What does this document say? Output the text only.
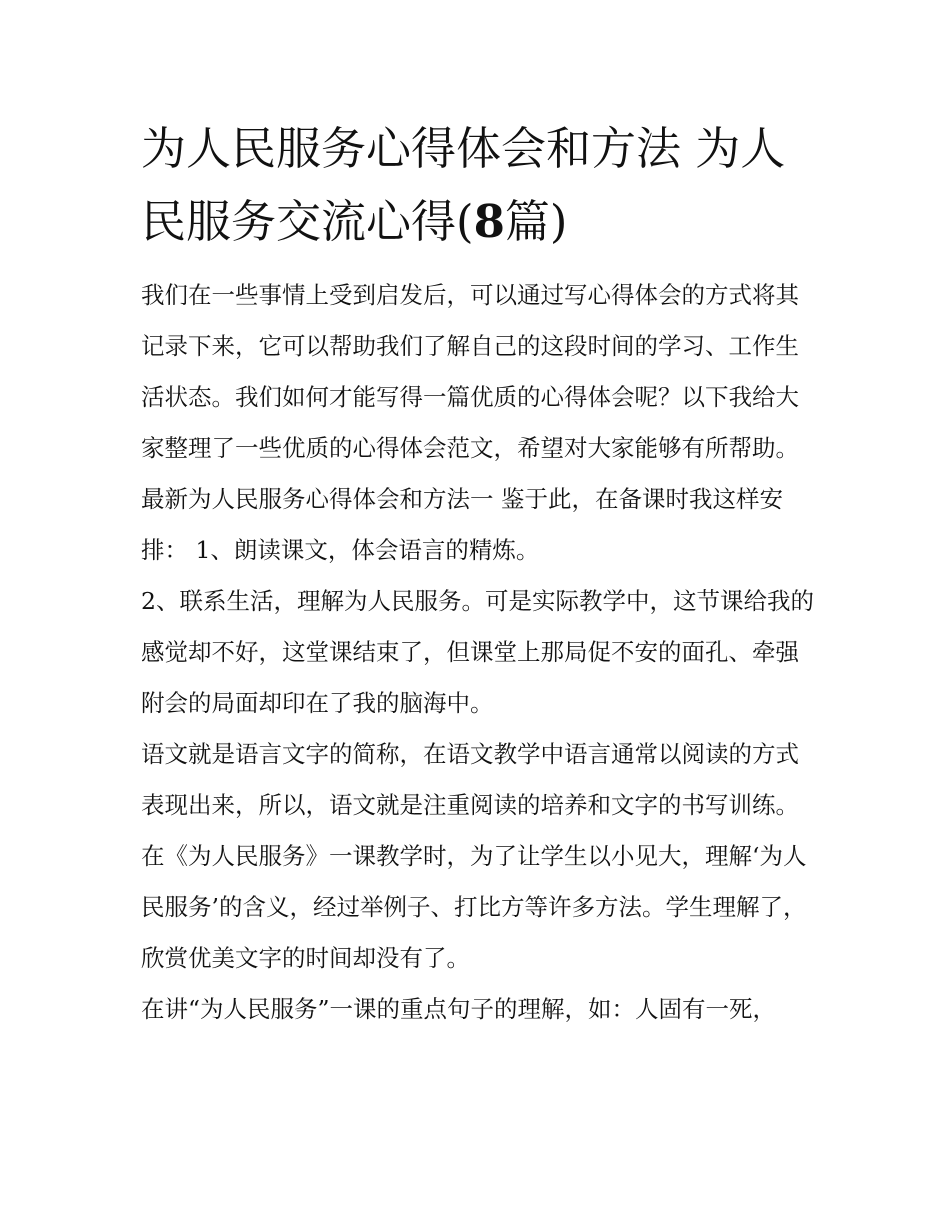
为人民服务心得体会和方法 为人民服务交流心得(8篇)

我们在一些事情上受到启发后，可以通过写心得体会的方式将其记录下来，它可以帮助我们了解自己的这段时间的学习、工作生活状态。我们如何才能写得一篇优质的心得体会呢？以下我给大家整理了一些优质的心得体会范文，希望对大家能够有所帮助。

最新为人民服务心得体会和方法一 鉴于此，在备课时我这样安排： 1、朗读课文，体会语言的精炼。

2、联系生活，理解为人民服务。可是实际教学中，这节课给我的感觉却不好，这堂课结束了，但课堂上那局促不安的面孔、牵强附会的局面却印在了我的脑海中。

语文就是语言文字的简称，在语文教学中语言通常以阅读的方式表现出来，所以，语文就是注重阅读的培养和文字的书写训练。在《为人民服务》一课教学时，为了让学生以小见大，理解‘为人民服务’的含义，经过举例子、打比方等许多方法。学生理解了，欣赏优美文字的时间却没有了。

在讲“为人民服务”一课的重点句子的理解，如：人固有一死，
